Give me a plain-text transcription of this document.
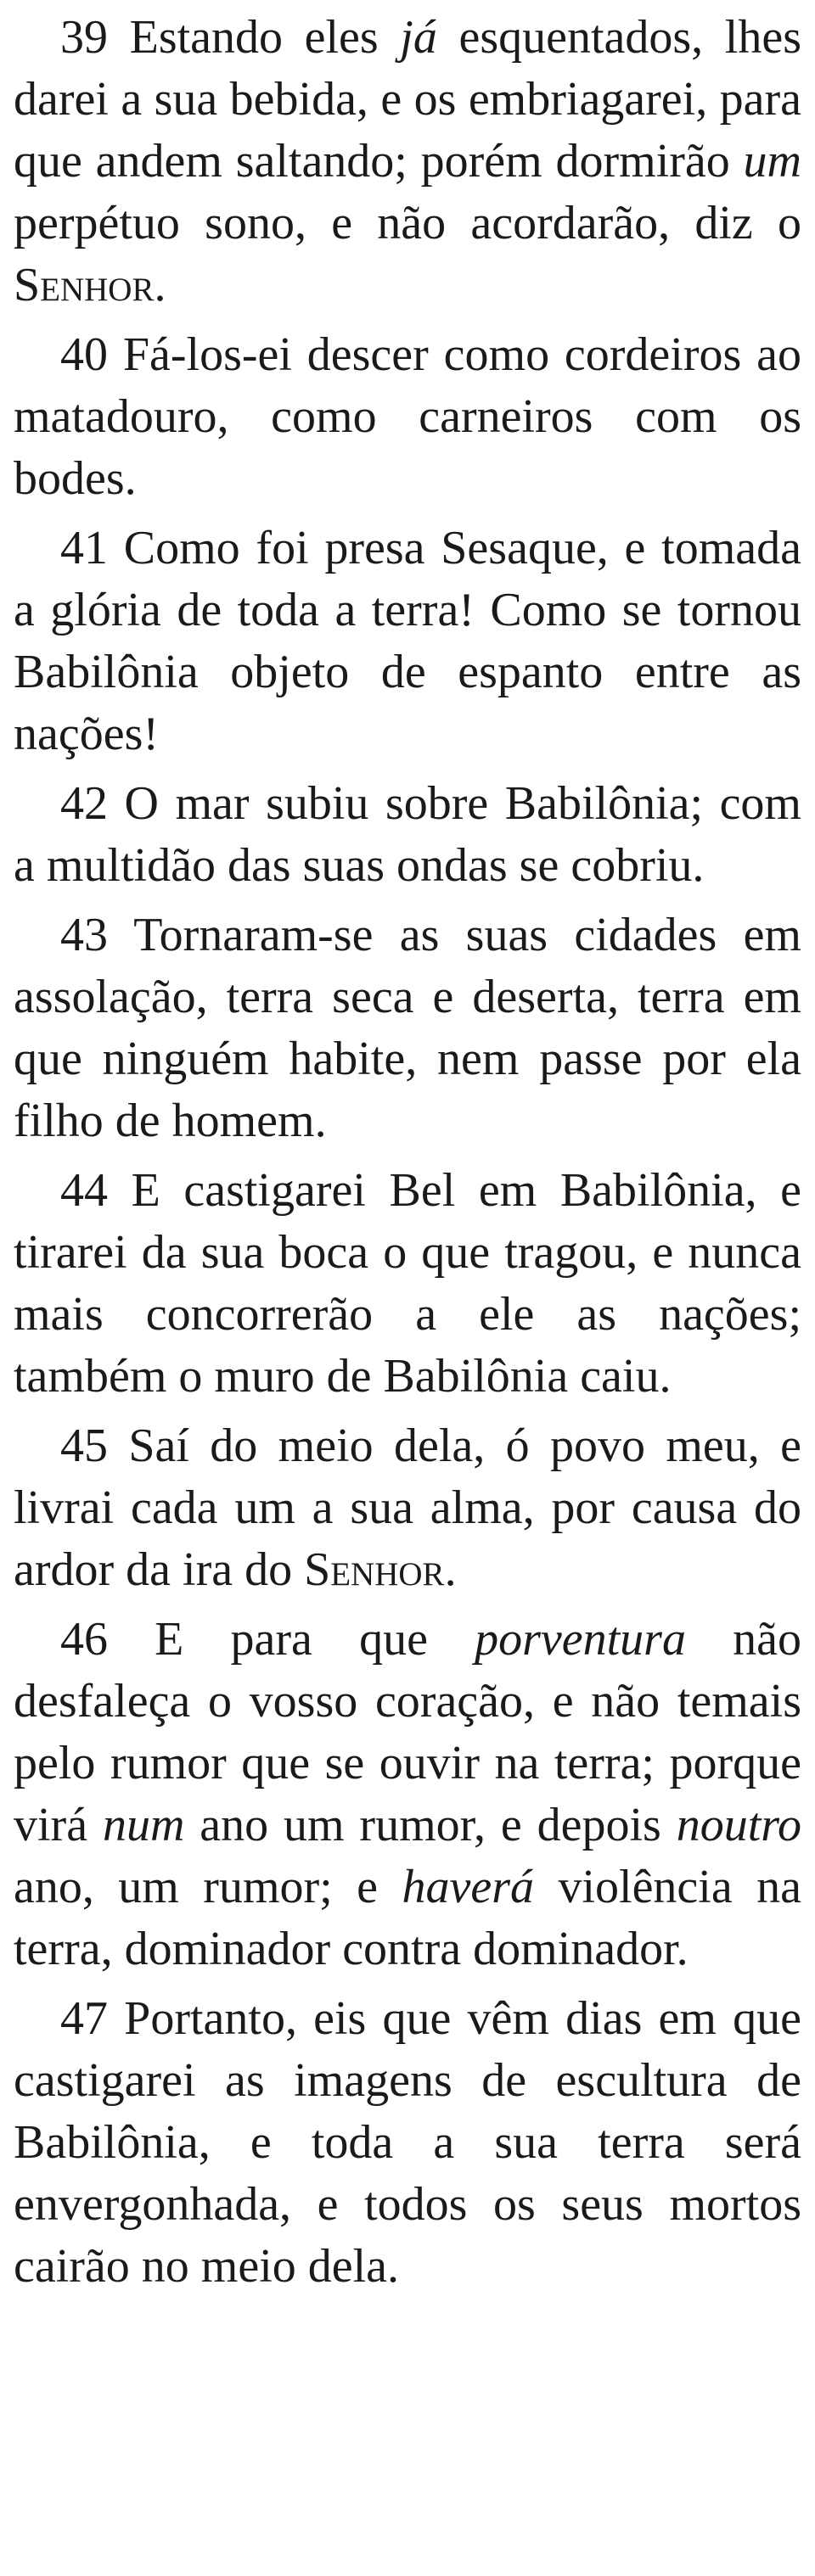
39 Estando eles já esquentados, lhes darei a sua bebida, e os embriagarei, para que andem saltando; porém dormirão um perpétuo sono, e não acordarão, diz o Senhor.

40 Fá-los-ei descer como cordeiros ao matadouro, como carneiros com os bodes.

41 Como foi presa Sesaque, e tomada a glória de toda a terra! Como se tornou Babilônia objeto de espanto entre as nações!

42 O mar subiu sobre Babilônia; com a multidão das suas ondas se cobriu.

43 Tornaram-se as suas cidades em assolação, terra seca e deserta, terra em que ninguém habite, nem passe por ela filho de homem.

44 E castigarei Bel em Babilônia, e tirarei da sua boca o que tragou, e nunca mais concorrerão a ele as nações; também o muro de Babilônia caiu.

45 Saí do meio dela, ó povo meu, e livrai cada um a sua alma, por causa do ardor da ira do Senhor.

46 E para que porventura não desfaleça o vosso coração, e não temais pelo rumor que se ouvir na terra; porque virá num ano um rumor, e depois noutro ano, um rumor; e haverá violência na terra, dominador contra dominador.

47 Portanto, eis que vêm dias em que castigarei as imagens de escultura de Babilônia, e toda a sua terra será envergonhada, e todos os seus mortos cairão no meio dela.
